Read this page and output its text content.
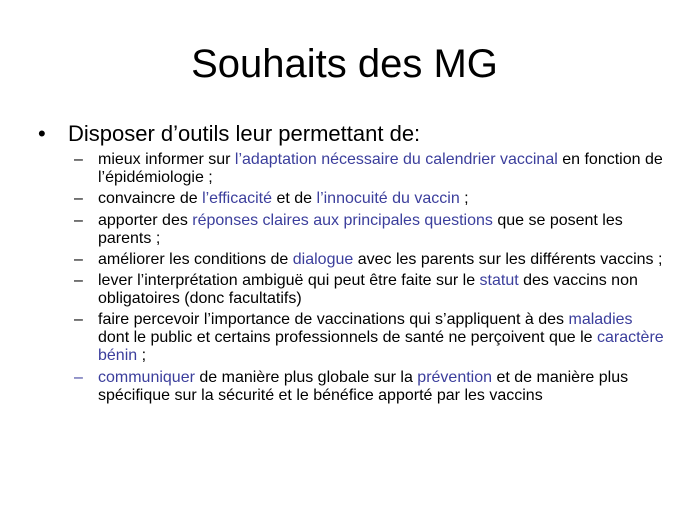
Souhaits des MG
• Disposer d’outils leur permettant de:
– mieux informer sur l’adaptation nécessaire du calendrier vaccinal en fonction de l’épidémiologie ;
– convaincre de l’efficacité et de l’innocuité du vaccin ;
– apporter des réponses claires aux principales questions que se posent les parents ;
– améliorer les conditions de dialogue avec les parents sur les différents vaccins ;
– lever l’interprétation ambiguë qui peut être faite sur le statut des vaccins non obligatoires (donc facultatifs)
– faire percevoir l’importance de vaccinations qui s’appliquent à des maladies dont le public et certains professionnels de santé ne perçoivent que le caractère bénin ;
– communiquer de manière plus globale sur la prévention et de manière plus spécifique sur la sécurité et le bénéfice apporté par les vaccins
